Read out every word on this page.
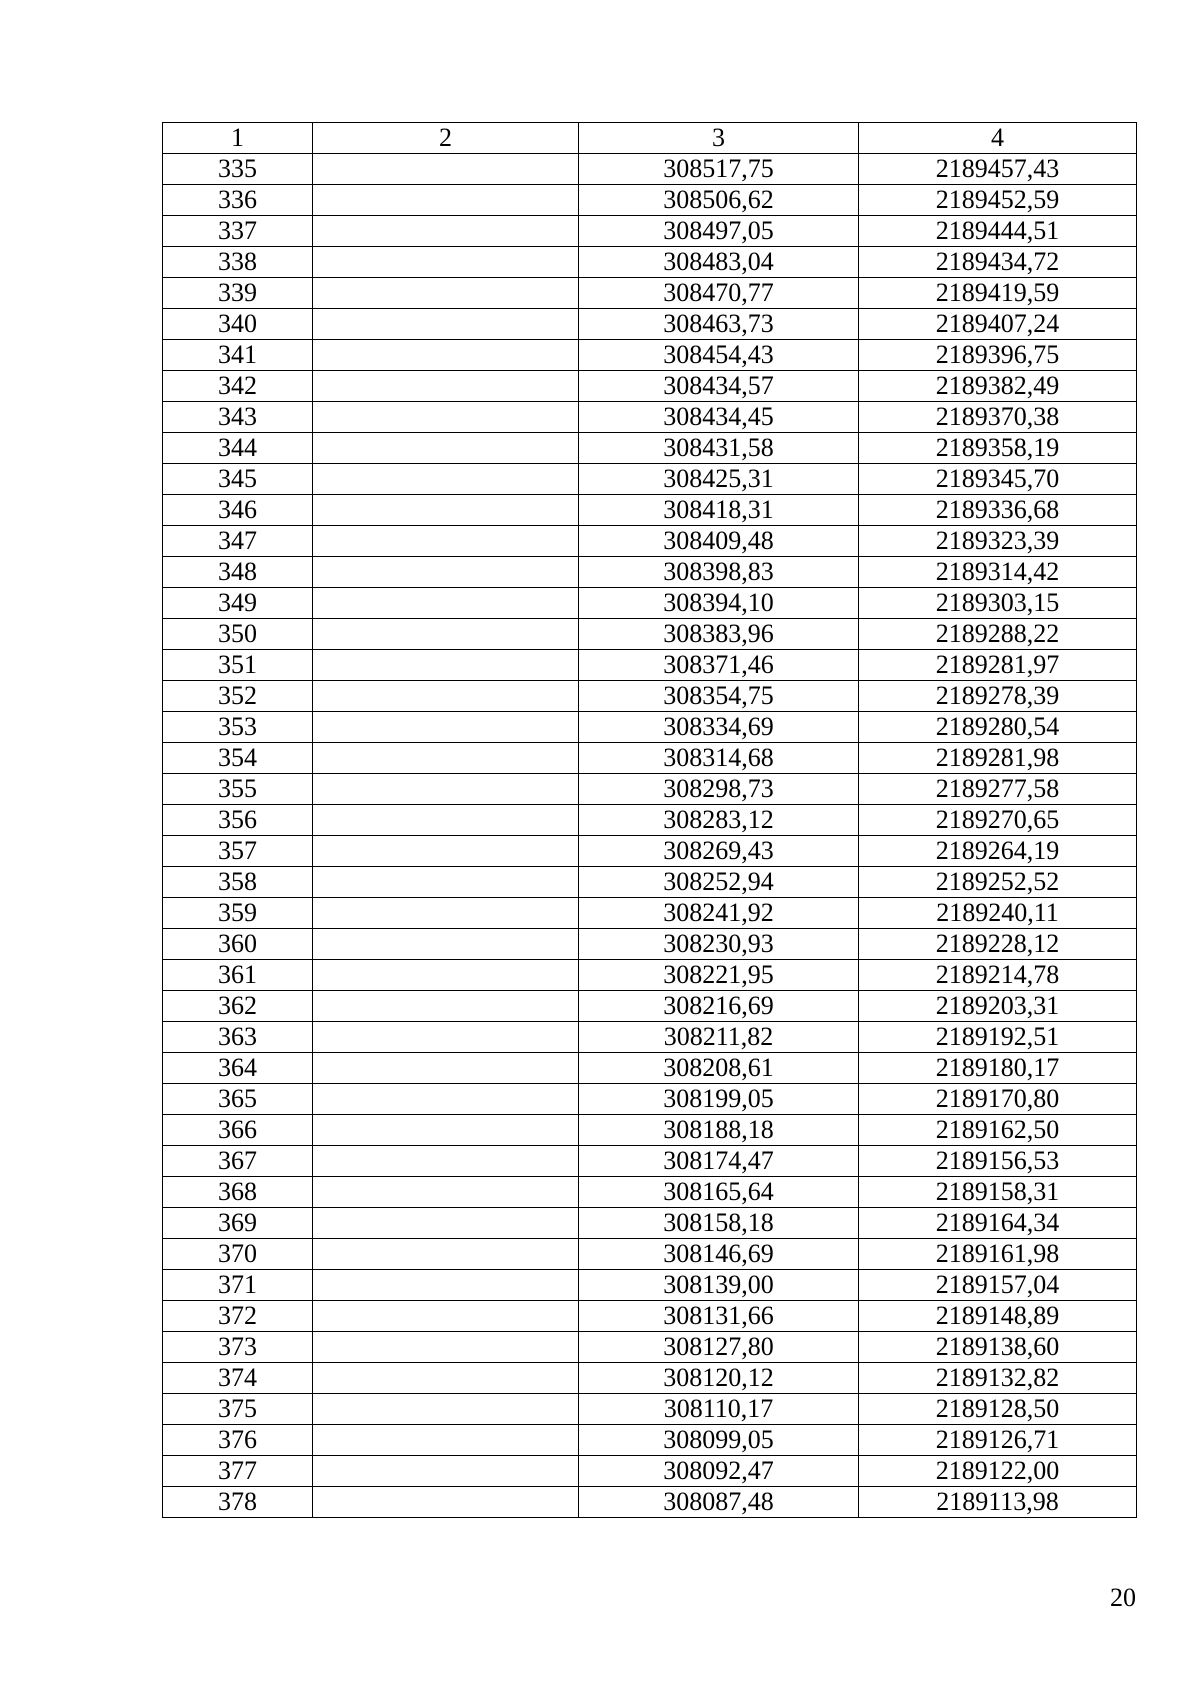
1	2	3	4
335		308517,75	2189457,43
336		308506,62	2189452,59
337		308497,05	2189444,51
338		308483,04	2189434,72
339		308470,77	2189419,59
340		308463,73	2189407,24
341		308454,43	2189396,75
342		308434,57	2189382,49
343		308434,45	2189370,38
344		308431,58	2189358,19
345		308425,31	2189345,70
346		308418,31	2189336,68
347		308409,48	2189323,39
348		308398,83	2189314,42
349		308394,10	2189303,15
350		308383,96	2189288,22
351		308371,46	2189281,97
352		308354,75	2189278,39
353		308334,69	2189280,54
354		308314,68	2189281,98
355		308298,73	2189277,58
356		308283,12	2189270,65
357		308269,43	2189264,19
358		308252,94	2189252,52
359		308241,92	2189240,11
360		308230,93	2189228,12
361		308221,95	2189214,78
362		308216,69	2189203,31
363		308211,82	2189192,51
364		308208,61	2189180,17
365		308199,05	2189170,80
366		308188,18	2189162,50
367		308174,47	2189156,53
368		308165,64	2189158,31
369		308158,18	2189164,34
370		308146,69	2189161,98
371		308139,00	2189157,04
372		308131,66	2189148,89
373		308127,80	2189138,60
374		308120,12	2189132,82
375		308110,17	2189128,50
376		308099,05	2189126,71
377		308092,47	2189122,00
378		308087,48	2189113,98
20
